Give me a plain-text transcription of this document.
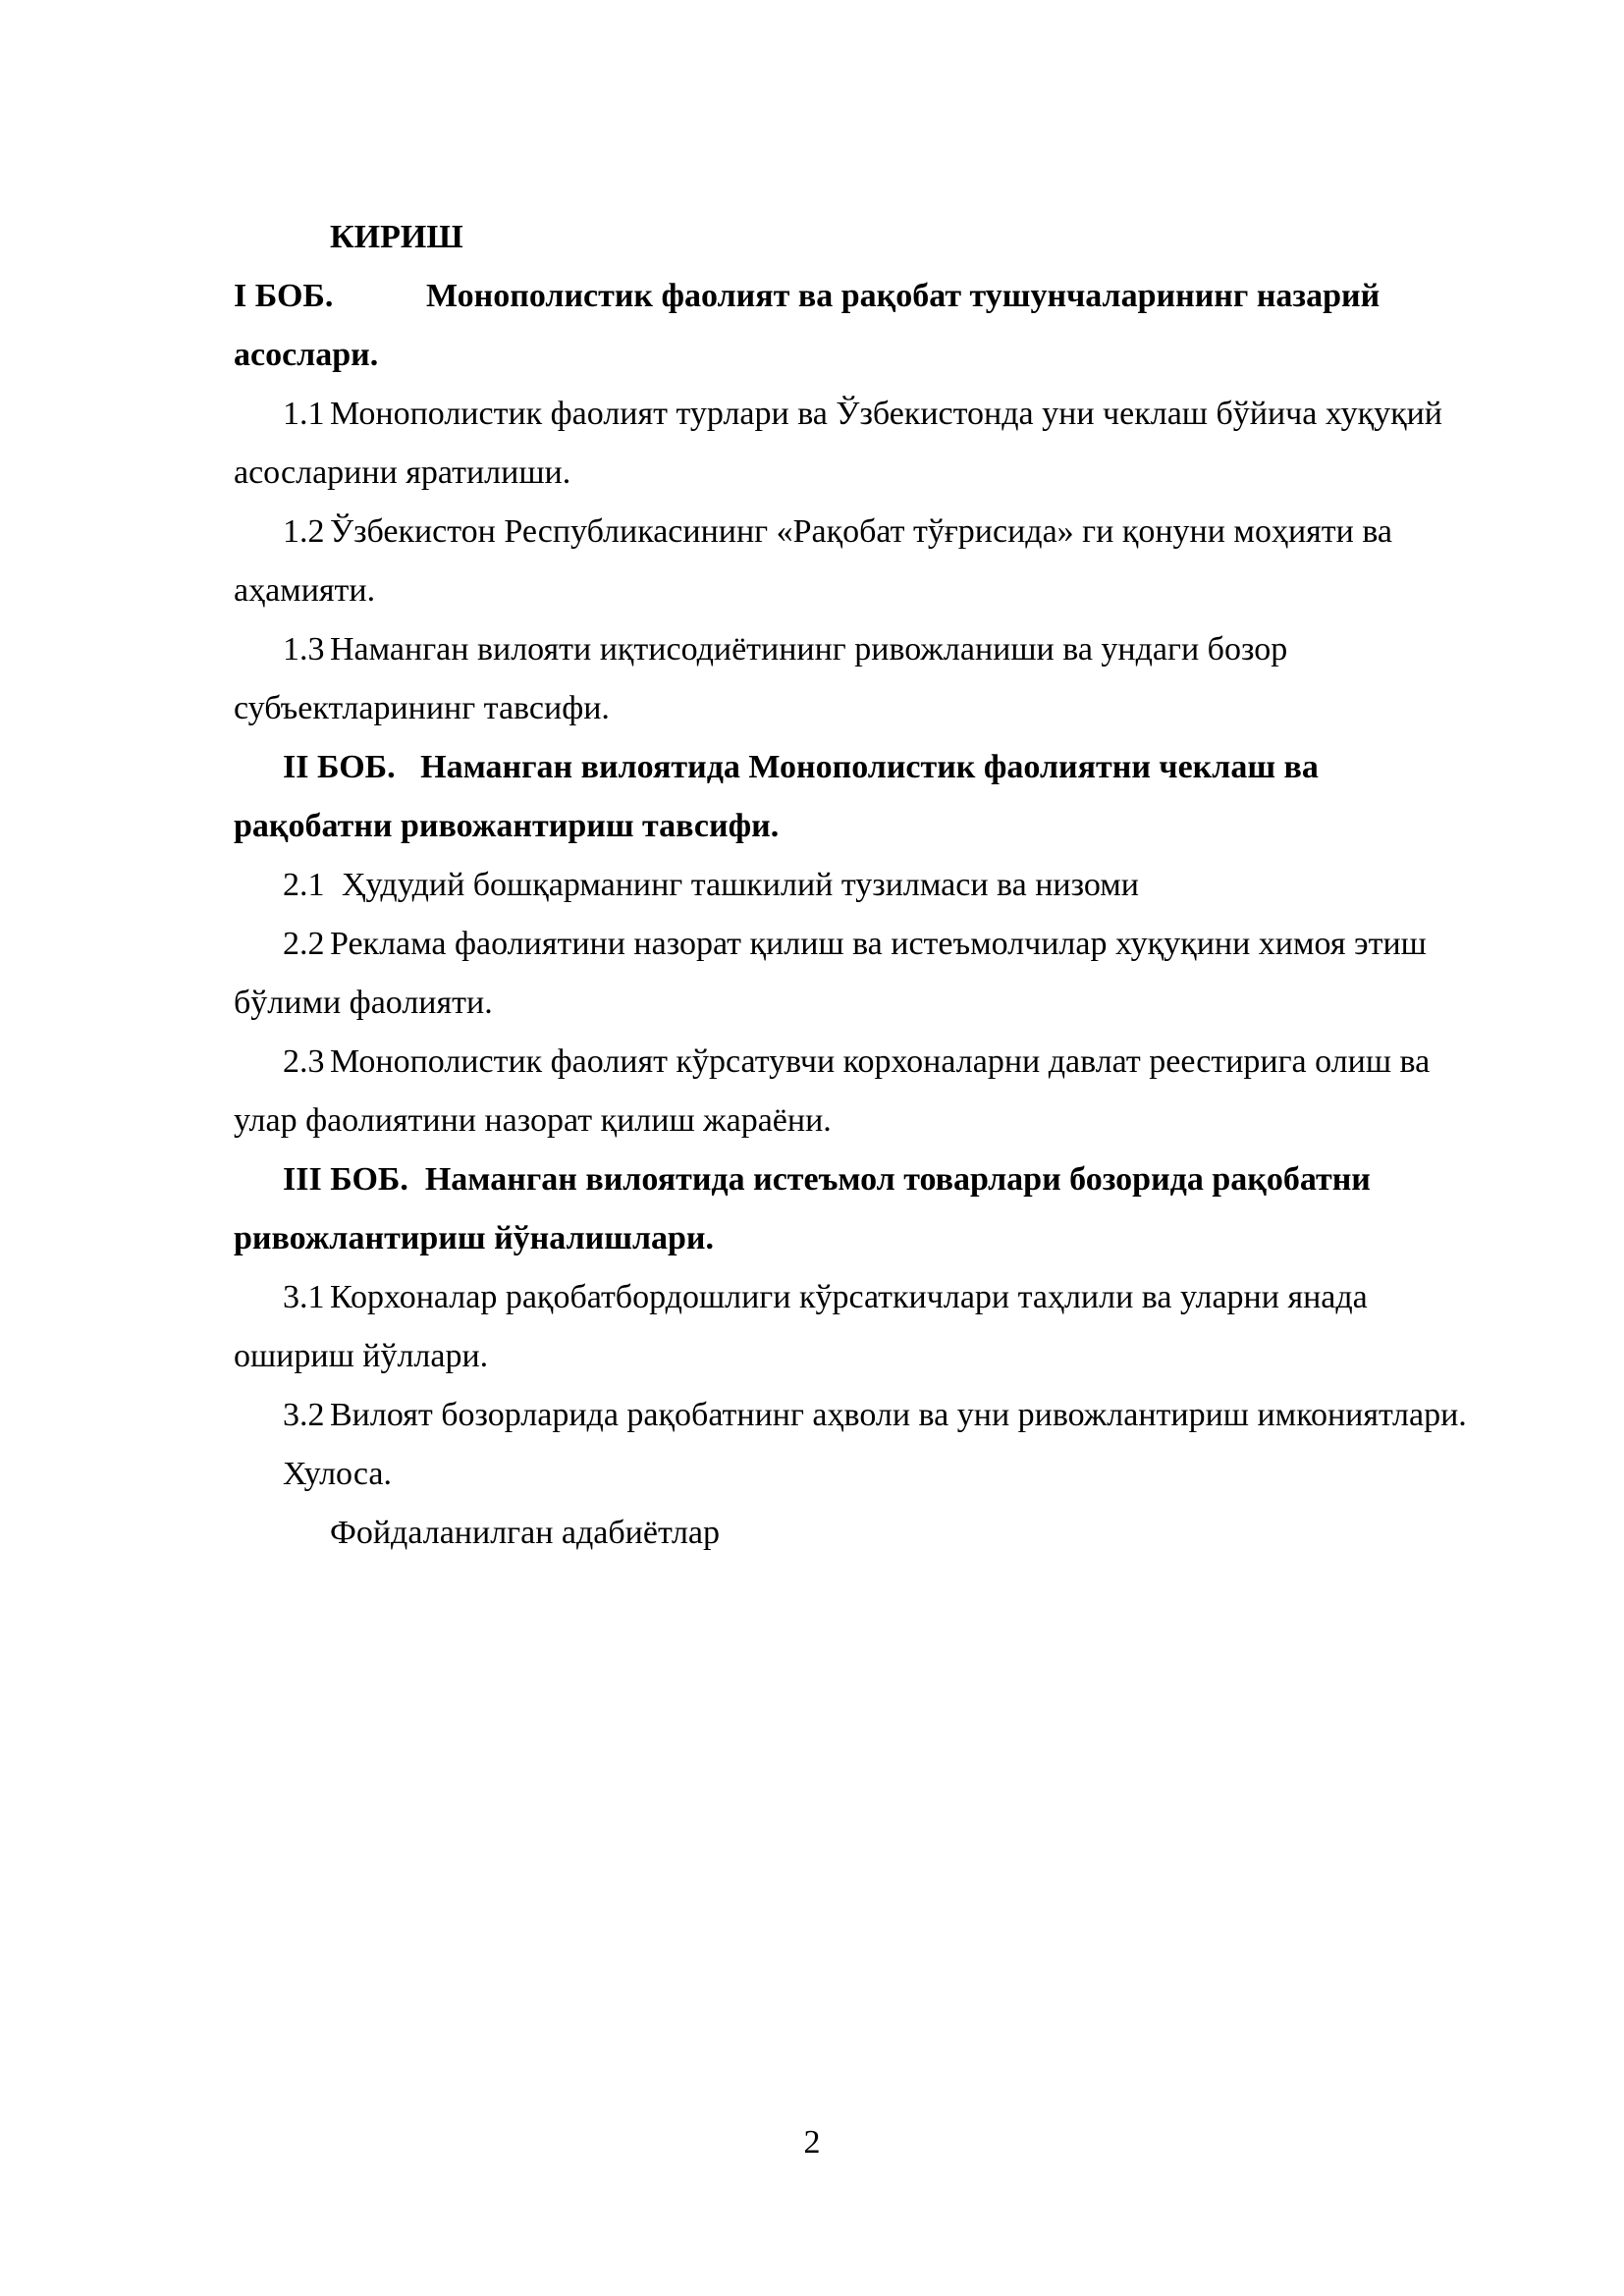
КИРИШ
I БОБ.	Монополистик фаолият ва рақобат тушунчаларининг назарий
асослари.
1.1 Монополистик фаолият турлари ва Ўзбекистонда уни чеклаш бўйича хуқуқий
асосларини яратилиши.
1.2 Ўзбекистон Республикасининг «Рақобат тўғрисида» ги қонуни моҳияти ва
аҳамияти.
1.3 Наманган вилояти иқтисодиётининг ривожланиши ва ундаги бозор
субъектларининг тавсифи.
II БОБ.   Наманган вилоятида Монополистик фаолиятни чеклаш ва
рақобатни ривожантириш тавсифи.
2.1 Ҳудудий бошқарманинг ташкилий тузилмаси ва низоми
2.2 Реклама фаолиятини назорат қилиш ва истеъмолчилар хуқуқини химоя этиш
бўлими фаолияти.
2.3 Монополистик фаолият кўрсатувчи корхоналарни давлат реестирига олиш ва
улар фаолиятини назорат қилиш жараёни.
III БОБ.  Наманган вилоятида истеъмол товарлари бозорида рақобатни
ривожлантириш йўналишлари.
3.1 Корхоналар рақобатбордошлиги кўрсаткичлари таҳлили ва уларни янада
ошириш йўллари.
3.2 Вилоят бозорларида рақобатнинг аҳволи ва уни ривожлантириш имкониятлари.
Хулоса.
Фойдаланилган адабиётлар
2
